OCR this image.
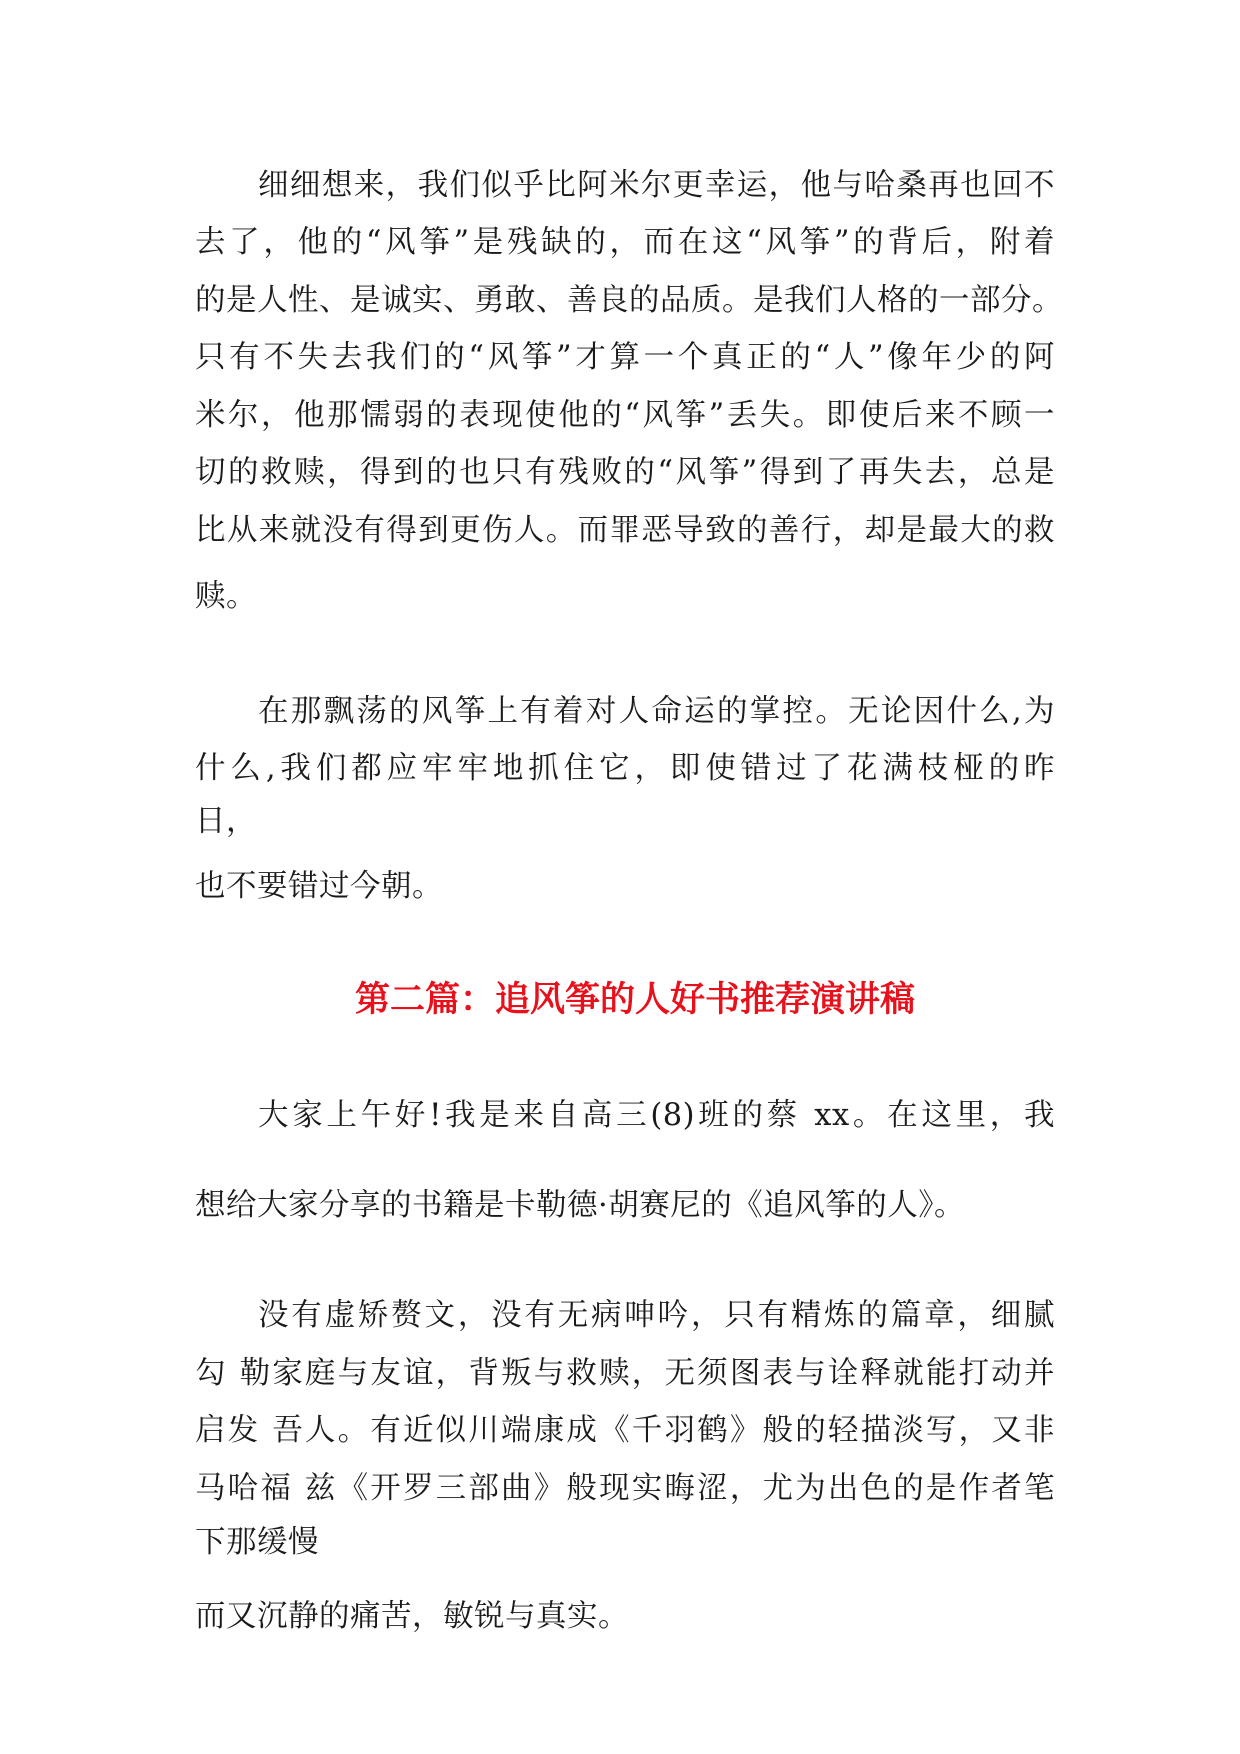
细细想来，我们似乎比阿米尔更幸运，他与哈桑再也回不
去了，他的“风筝”是残缺的，而在这“风筝”的背后，附着
的是人性、是诚实、勇敢、善良的品质。是我们人格的一部分。
只有不失去我们的“风筝”才算一个真正的“人”像年少的阿
米尔，他那懦弱的表现使他的“风筝”丢失。即使后来不顾一
切的救赎，得到的也只有残败的“风筝”得到了再失去，总是
比从来就没有得到更伤人。而罪恶导致的善行，却是最大的救
赎。
在那飘荡的风筝上有着对人命运的掌控。无论因什么,为
什么,我们都应牢牢地抓住它，即使错过了花满枝桠的昨
日，
也不要错过今朝。
第二篇：追风筝的人好书推荐演讲稿
大家上午好!我是来自高三(8)班的蔡 xx。在这里，我
想给大家分享的书籍是卡勒德·胡赛尼的《追风筝的人》。
没有虚矫赘文，没有无病呻吟，只有精炼的篇章，细腻
勾 勒家庭与友谊，背叛与救赎，无须图表与诠释就能打动并
启发 吾人。有近似川端康成《千羽鹤》般的轻描淡写，又非
马哈福 兹《开罗三部曲》般现实晦涩，尤为出色的是作者笔
下那缓慢
而又沉静的痛苦，敏锐与真实。
